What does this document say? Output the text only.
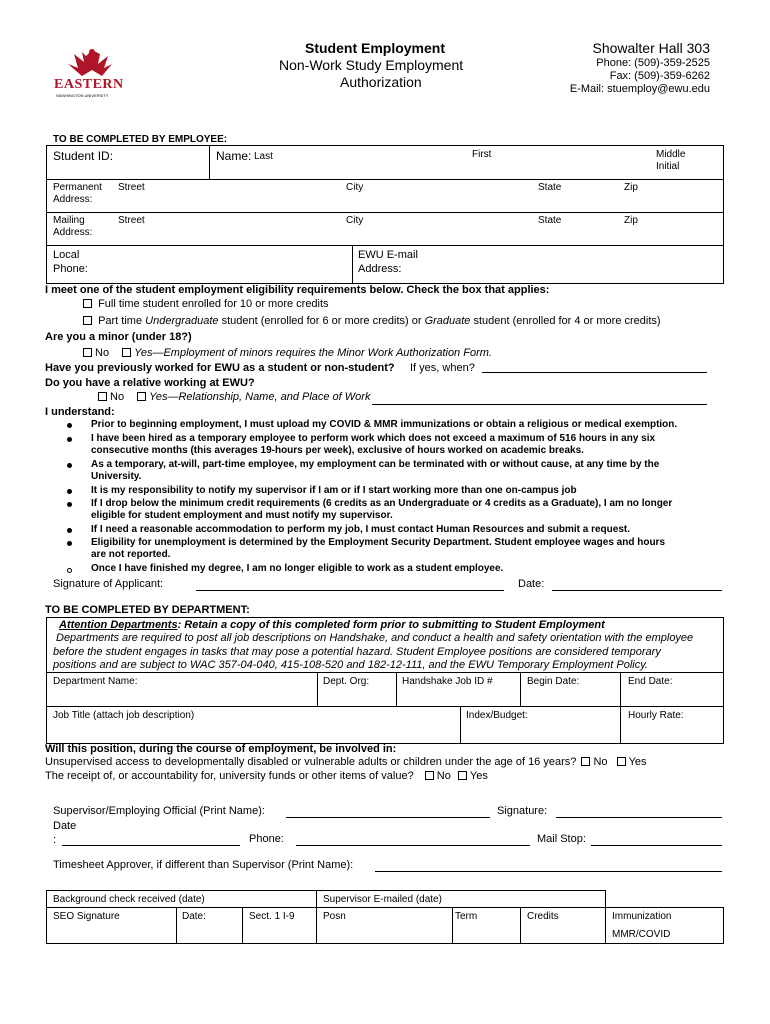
EASTERN
WASHINGTON UNIVERSITY
Student Employment
Non-Work Study Employment
Authorization
Showalter Hall 303
Phone: (509)-359-2525
Fax: (509)-359-6262
E-Mail: stuemploy@ewu.edu
TO BE COMPLETED BY EMPLOYEE:
Student ID:	Name: Last	First	Middle
Initial
Permanent
Address:
Street	City	State	Zip
Mailing
Address:
Street	City	State	Zip
Local
Phone:
EWU E-mail
Address:
I meet one of the student employment eligibility requirements below. Check the box that applies:
Full time student enrolled for 10 or more credits
Part time Undergraduate student (enrolled for 6 or more credits) or Graduate student (enrolled for 4 or more credits)
Are you a minor (under 18?)
No Yes—Employment of minors requires the Minor Work Authorization Form.
Have you previously worked for EWU as a student or non-student? If yes, when?
Do you have a relative working at EWU?
No Yes—Relationship, Name, and Place of Work
I understand:
Prior to beginning employment, I must upload my COVID & MMR immunizations or obtain a religious or medical exemption.
I have been hired as a temporary employee to perform work which does not exceed a maximum of 516 hours in any six
consecutive months (this averages 19-hours per week), exclusive of hours worked on academic breaks.
As a temporary, at-will, part-time employee, my employment can be terminated with or without cause, at any time by the
University.
It is my responsibility to notify my supervisor if I am or if I start working more than one on-campus job
If I drop below the minimum credit requirements (6 credits as an Undergraduate or 4 credits as a Graduate), I am no longer
eligible for student employment and must notify my supervisor.
If I need a reasonable accommodation to perform my job, I must contact Human Resources and submit a request.
Eligibility for unemployment is determined by the Employment Security Department. Student employee wages and hours
are not reported.
Once I have finished my degree, I am no longer eligible to work as a student employee.
Signature of Applicant:	Date:
TO BE COMPLETED BY DEPARTMENT:
Attention Departments: Retain a copy of this completed form prior to submitting to Student Employment
Departments are required to post all job descriptions on Handshake, and conduct a health and safety orientation with the employee
before the student engages in tasks that may pose a potential hazard. Student Employee positions are considered temporary
positions and are subject to WAC 357-04-040, 415-108-520 and 182-12-111, and the EWU Temporary Employment Policy.
Department Name:	Dept. Org:	Handshake Job ID #	Begin Date:	End Date:
Job Title (attach job description)	Index/Budget:	Hourly Rate:
Will this position, during the course of employment, be involved in:
Unsupervised access to developmentally disabled or vulnerable adults or children under the age of 16 years? No Yes
The receipt of, or accountability for, university funds or other items of value? No Yes
Supervisor/Employing Official (Print Name):	Signature:
Date
:	Phone:	Mail Stop:
Timesheet Approver, if different than Supervisor (Print Name):
Background check received (date)	Supervisor E-mailed (date)
SEO Signature	Date:	Sect. 1 I-9	Posn	Term	Credits	Immunization
MMR/COVID
